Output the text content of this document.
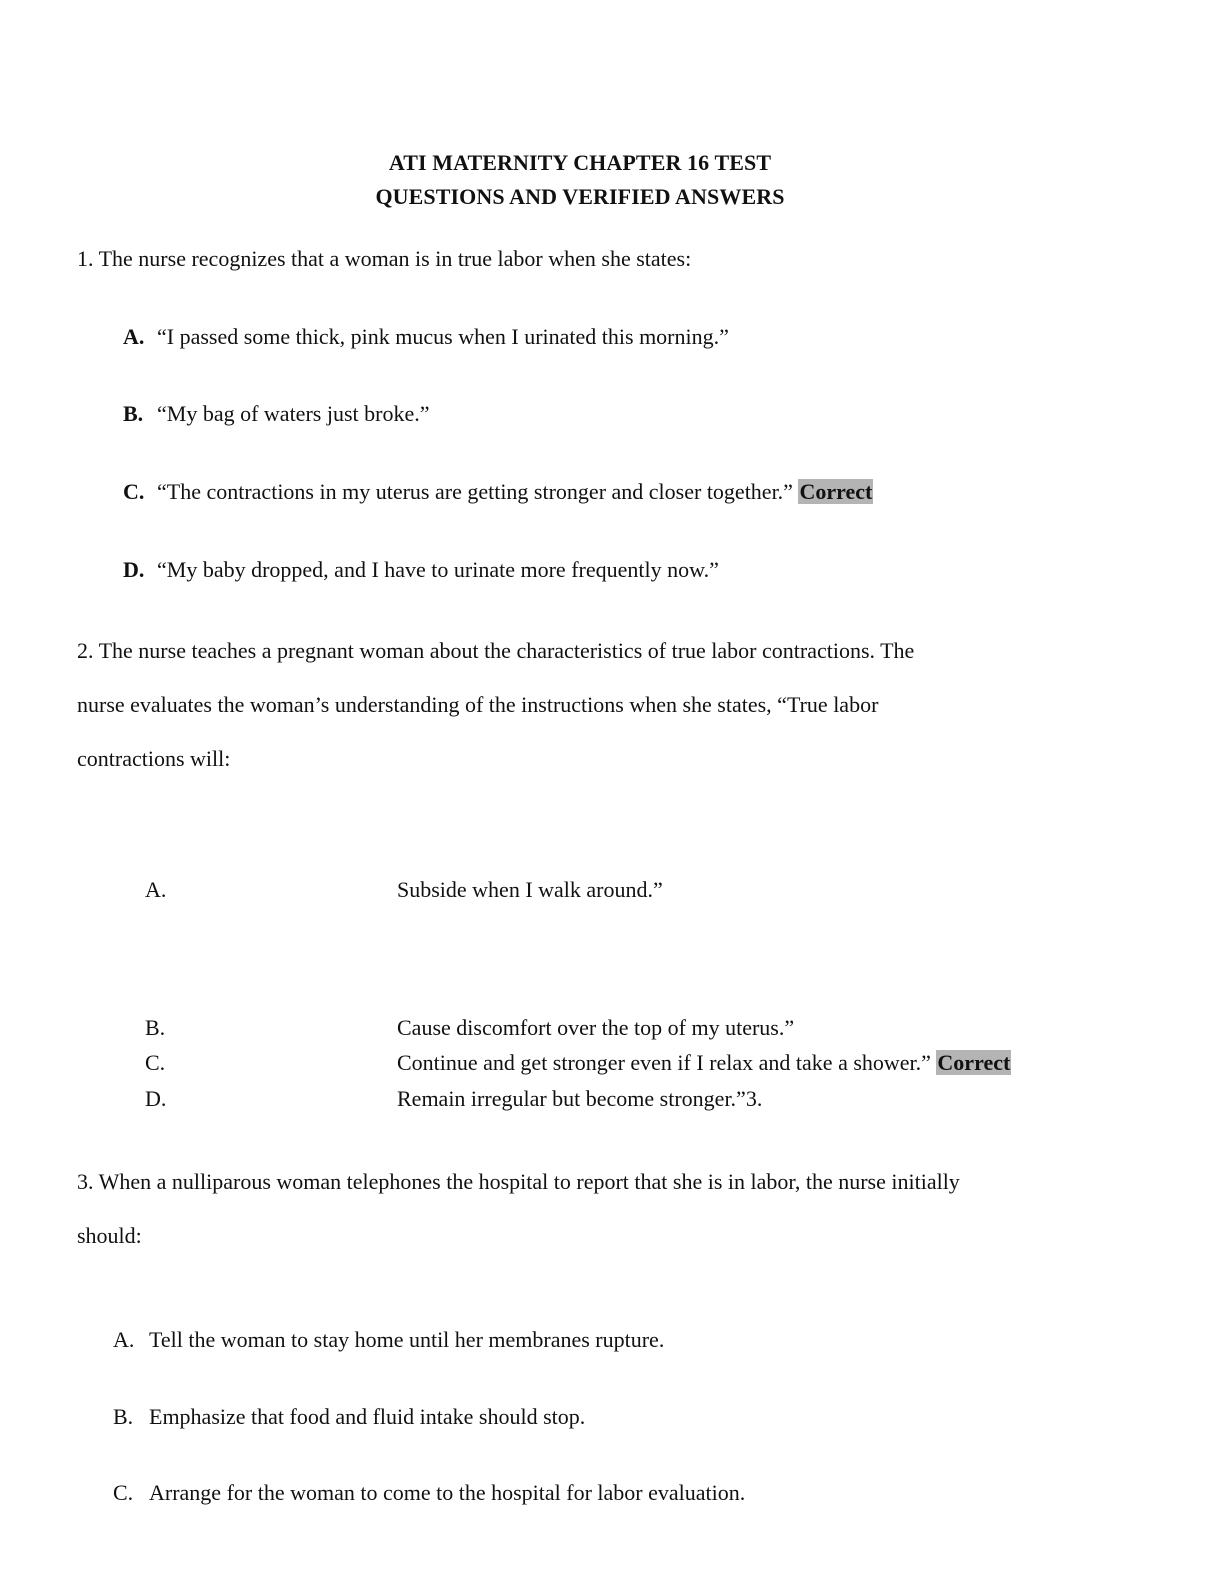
ATI MATERNITY CHAPTER 16 TEST
QUESTIONS AND VERIFIED ANSWERS
1. The nurse recognizes that a woman is in true labor when she states:
A. “I passed some thick, pink mucus when I urinated this morning.”
B. “My bag of waters just broke.”
C. “The contractions in my uterus are getting stronger and closer together.” Correct
D. “My baby dropped, and I have to urinate more frequently now.”
2. The nurse teaches a pregnant woman about the characteristics of true labor contractions. The
nurse evaluates the woman’s understanding of the instructions when she states, “True labor
contractions will:
A.	Subside when I walk around.”
B.	Cause discomfort over the top of my uterus.”
C.	Continue and get stronger even if I relax and take a shower.” Correct
D.	Remain irregular but become stronger.”3.
3. When a nulliparous woman telephones the hospital to report that she is in labor, the nurse initially
should:
A. Tell the woman to stay home until her membranes rupture.
B. Emphasize that food and fluid intake should stop.
C. Arrange for the woman to come to the hospital for labor evaluation.
